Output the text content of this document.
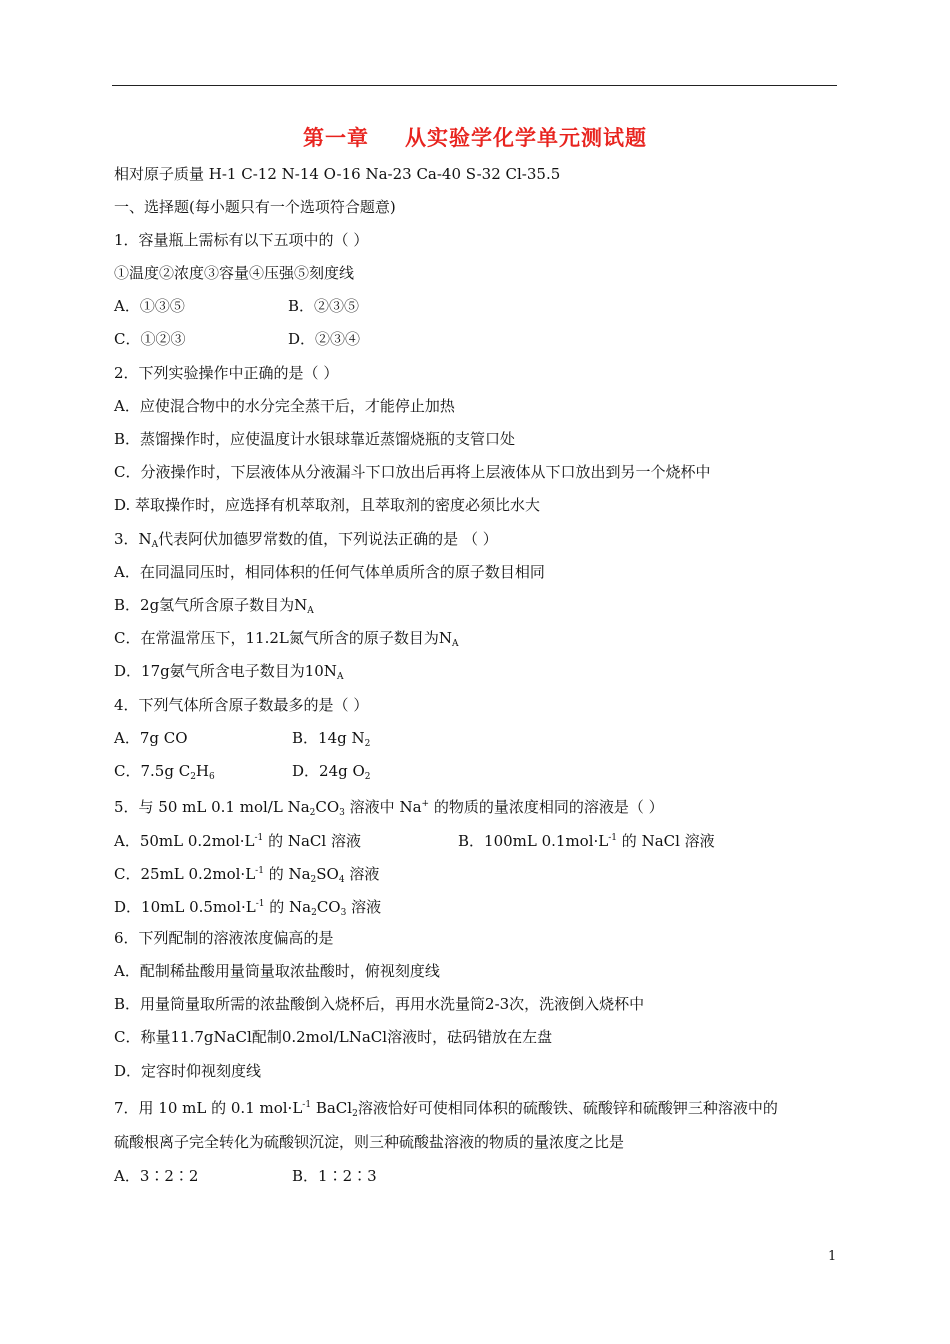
第一章 从实验学化学单元测试题
相对原子质量 H-1 C-12 N-14 O-16 Na-23 Ca-40 S-32 Cl-35.5
一、选择题(每小题只有一个选项符合题意)
1．容量瓶上需标有以下五项中的（ ）
①温度②浓度③容量④压强⑤刻度线
A．①③⑤	B．②③⑤
C．①②③	D．②③④
2．下列实验操作中正确的是（ ）
A．应使混合物中的水分完全蒸干后，才能停止加热
B．蒸馏操作时，应使温度计水银球靠近蒸馏烧瓶的支管口处
C．分液操作时，下层液体从分液漏斗下口放出后再将上层液体从下口放出到另一个烧杯中
D. 萃取操作时，应选择有机萃取剂，且萃取剂的密度必须比水大
3．$N_A$代表阿伏加德罗常数的值，下列说法正确的是 （ ）
A．在同温同压时，相同体积的任何气体单质所含的原子数目相同
B．2g氢气所含原子数目为$N_A$
C．在常温常压下，11.2L氮气所含的原子数目为$N_A$
D．17g氨气所含电子数目为$10N_A$
4．下列气体所含原子数最多的是（ ）
A．7g CO	B．14g $N_2$
C．7.5g $C_2H_6$	D．24g $O_2$
5．与 50 mL 0.1 mol/L $Na_2CO_3$ 溶液中 Na+ 的物质的量浓度相同的溶液是（ ）
A．50mL $0.2mol\cdot L^{-1}$ 的 NaCl 溶液	B．100mL $0.1mol\cdot L^{-1}$ 的 NaCl 溶液
C．25mL $0.2mol\cdot L^{-1}$ 的 $Na_2SO_4$ 溶液
D．10mL $0.5mol\cdot L^{-1}$ 的 $Na_2CO_3$ 溶液
6．下列配制的溶液浓度偏高的是
A．配制稀盐酸用量筒量取浓盐酸时，俯视刻度线
B．用量筒量取所需的浓盐酸倒入烧杯后，再用水洗量筒2-3次，洗液倒入烧杯中
C．称量11.7gNaCl配制0.2mol/LNaCl溶液时，砝码错放在左盘
D．定容时仰视刻度线
7．用 10 mL 的 0.1 $mol\cdot L^{-1}$ BaCl$_2$溶液恰好可使相同体积的硫酸铁、硫酸锌和硫酸钾三种溶液中的
硫酸根离子完全转化为硫酸钡沉淀，则三种硫酸盐溶液的物质的量浓度之比是
A．3∶2∶2	B．1∶2∶3
1
